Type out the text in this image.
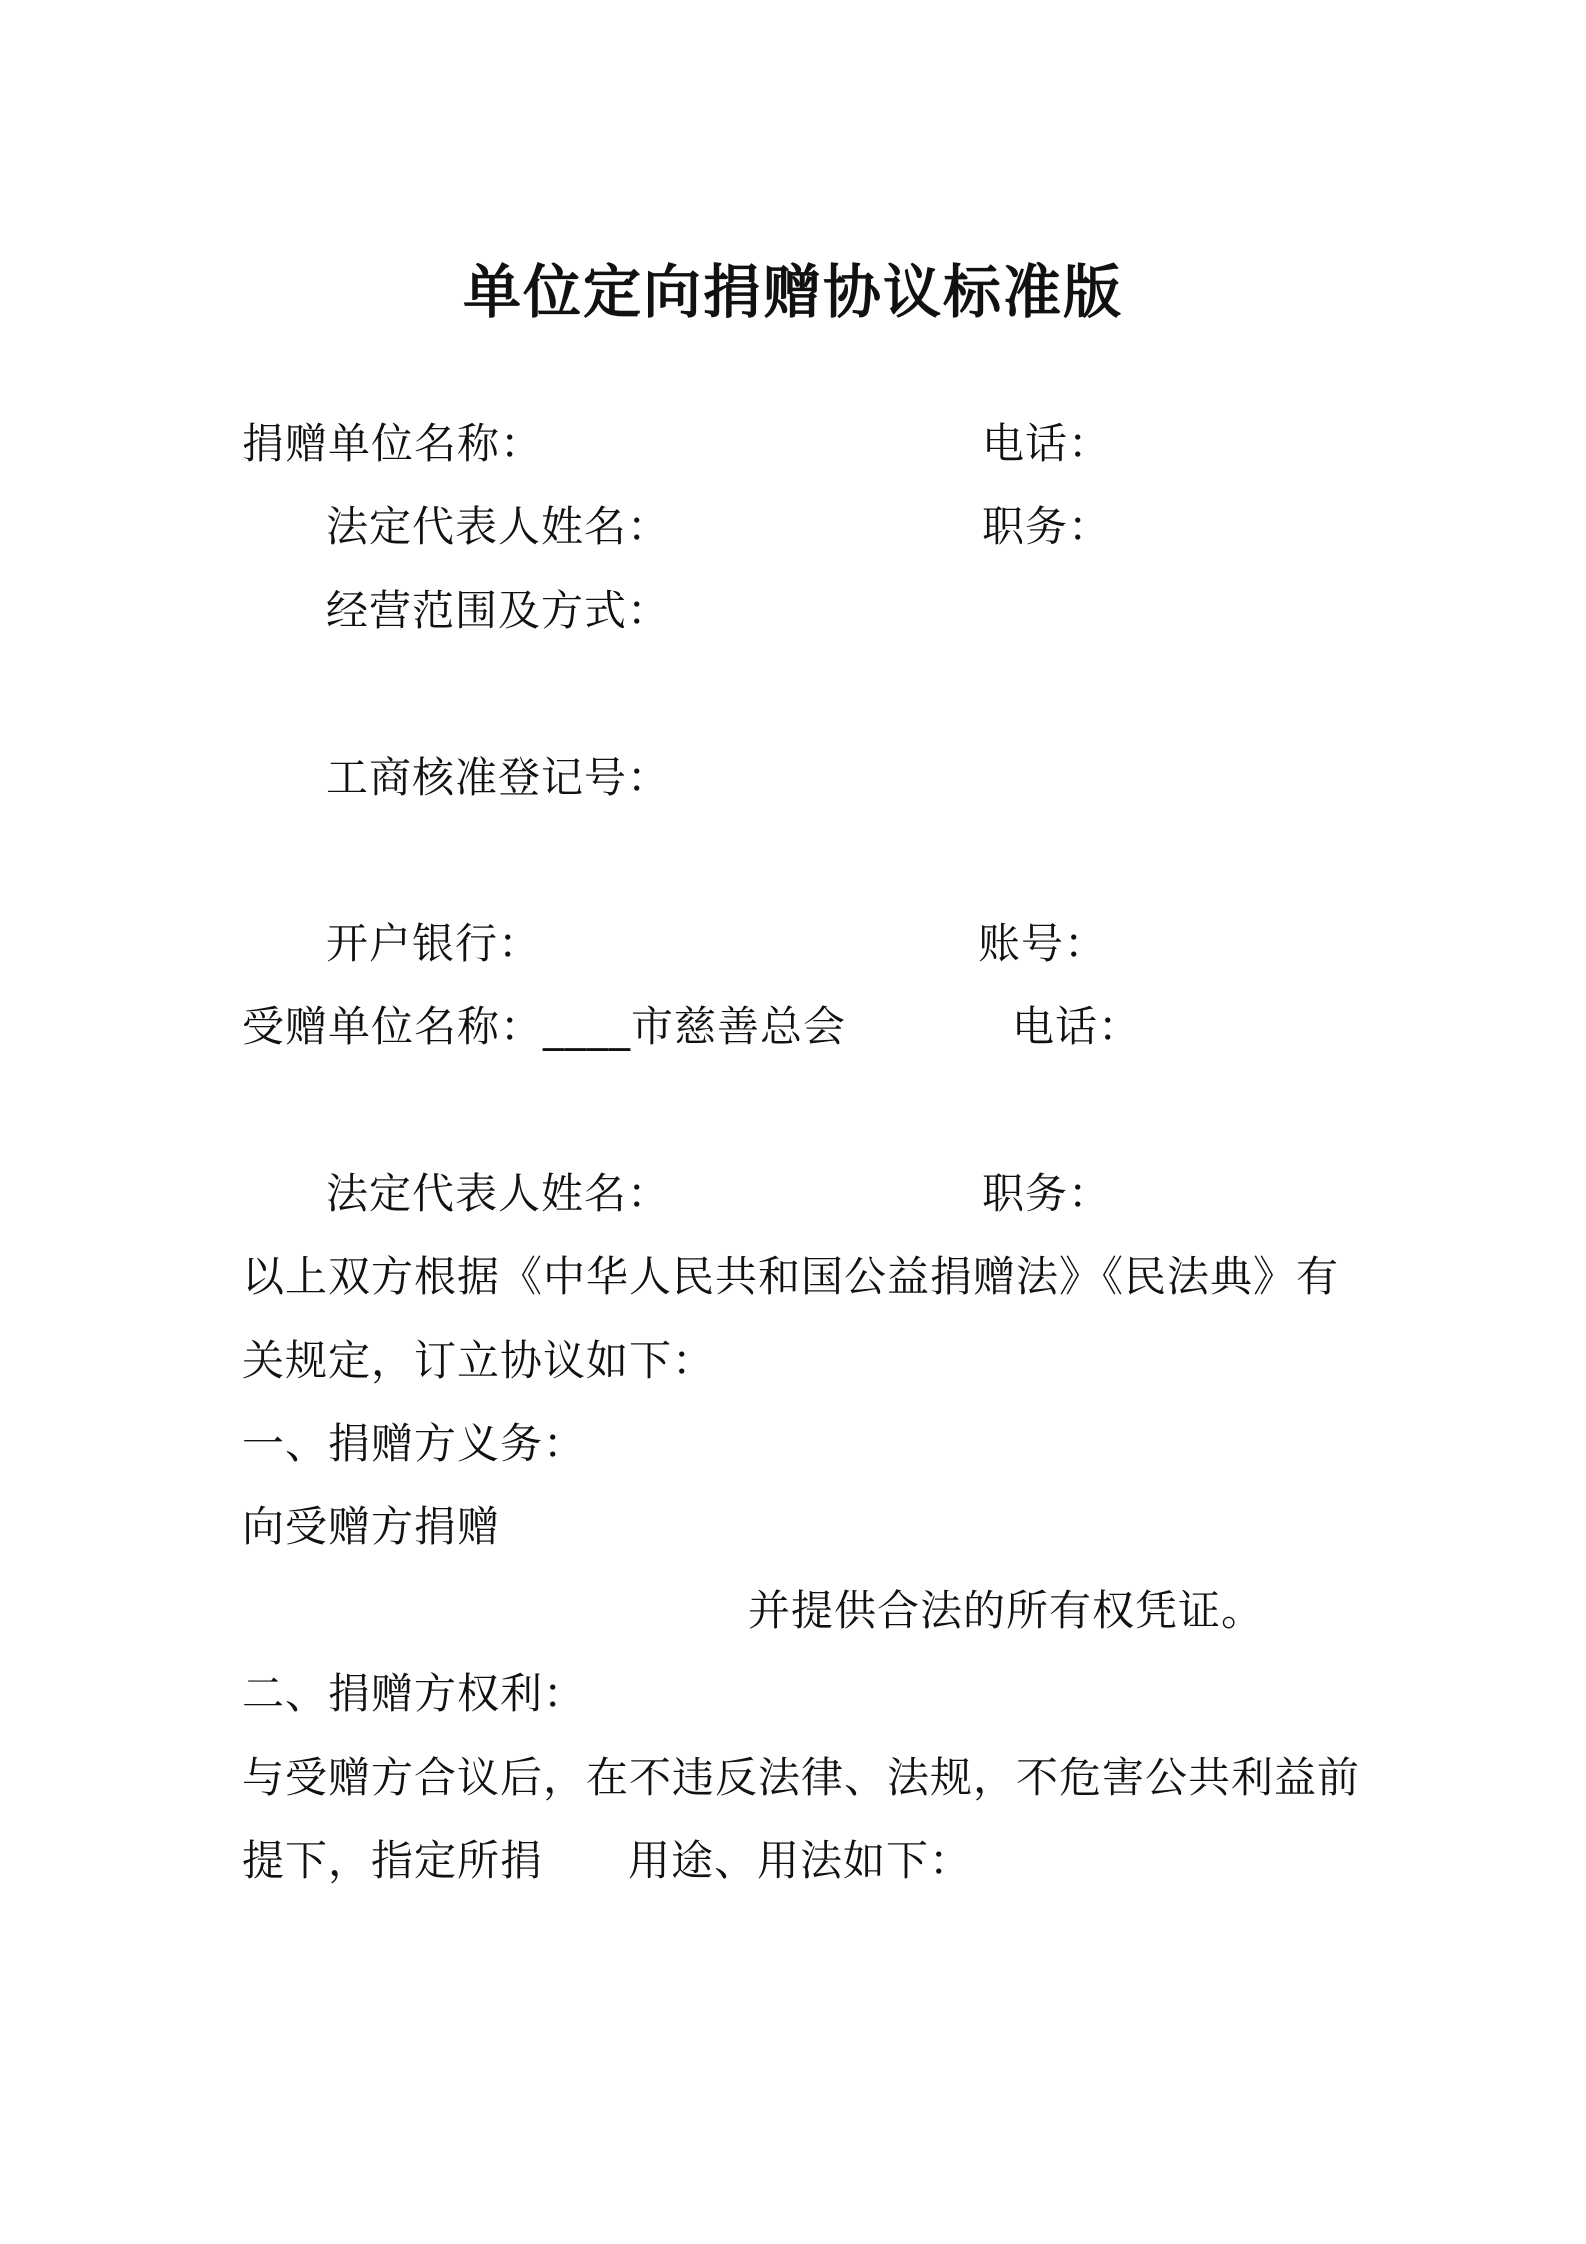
单位定向捐赠协议标准版
捐赠单位名称：	电话：
法定代表人姓名：	职务：
经营范围及方式：
工商核准登记号：
开户银行：	账号：
受赠单位名称：____市慈善总会	电话：
法定代表人姓名：	职务：
以上双方根据《中华人民共和国公益捐赠法》《民法典》有
关规定，订立协议如下：
一、捐赠方义务：
向受赠方捐赠
并提供合法的所有权凭证。
二、捐赠方权利：
与受赠方合议后，在不违反法律、法规，不危害公共利益前
提下，指定所捐 用途、用法如下：
